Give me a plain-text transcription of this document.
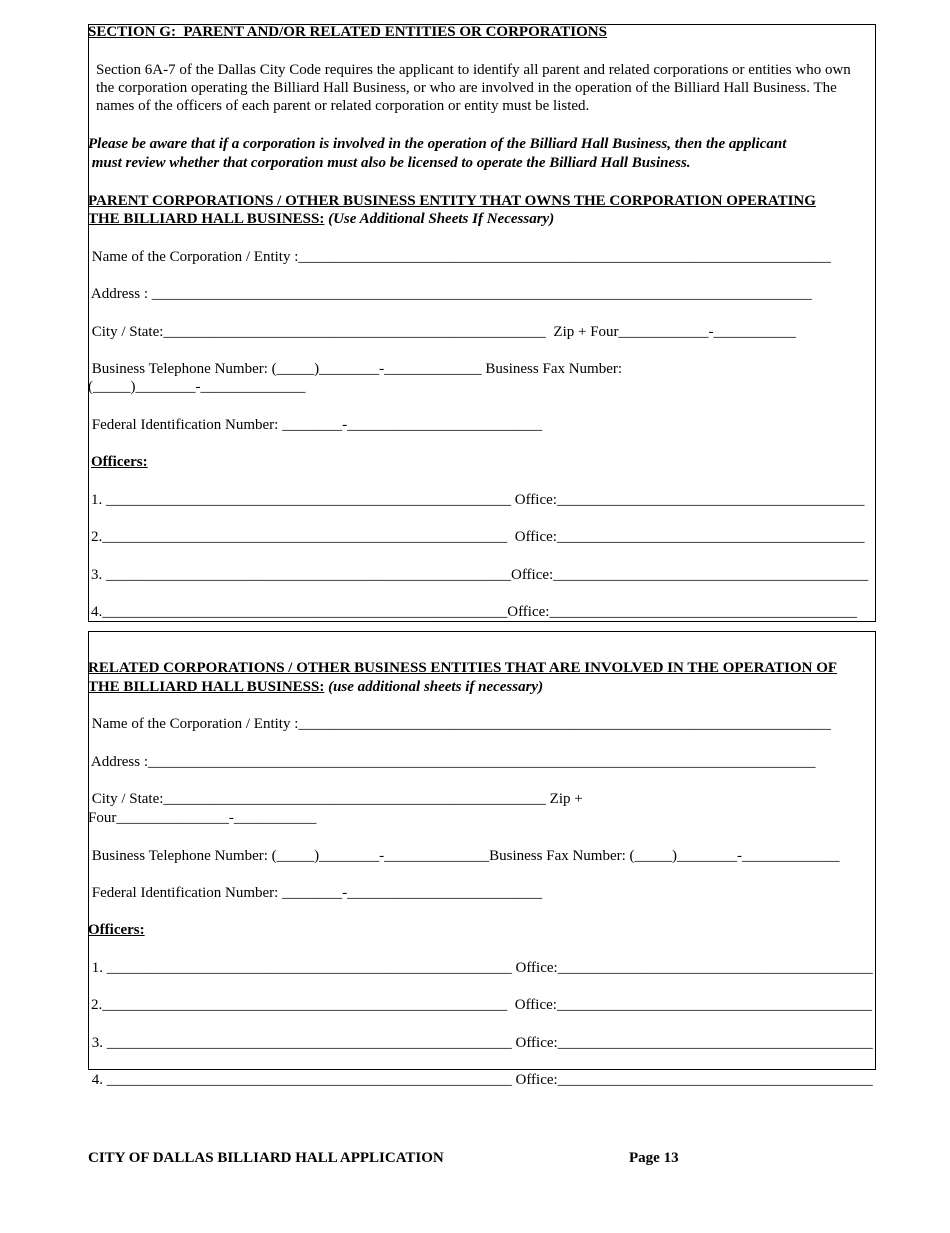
SECTION G:  PARENT AND/OR RELATED ENTITIES OR CORPORATIONS
Section 6A-7 of the Dallas City Code requires the applicant to identify all parent and related corporations or entities who own the corporation operating the Billiard Hall Business, or who are involved in the operation of the Billiard Hall Business. The names of the officers of each parent or related corporation or entity must be listed.
Please be aware that if a corporation is involved in the operation of the Billiard Hall Business, then the applicant
must review whether that corporation must also be licensed to operate the Billiard Hall Business.
PARENT CORPORATIONS / OTHER BUSINESS ENTITY THAT OWNS THE CORPORATION OPERATING
THE BILLIARD HALL BUSINESS: (Use Additional Sheets If Necessary)
Name of the Corporation / Entity :_______________________________________________________________________
Address : ________________________________________________________________________________________
City / State:___________________________________________________  Zip + Four____________-___________
Business Telephone Number: (_____)________-_____________ Business Fax Number:
(_____)________-______________
Federal Identification Number: ________-__________________________
Officers:
1. ______________________________________________________ Office:_________________________________________
2.______________________________________________________  Office:_________________________________________
3. ______________________________________________________Office:__________________________________________
4.______________________________________________________Office:_________________________________________
RELATED CORPORATIONS / OTHER BUSINESS ENTITIES THAT ARE INVOLVED IN THE OPERATION OF
THE BILLIARD HALL BUSINESS: (use additional sheets if necessary)
Name of the Corporation / Entity :_______________________________________________________________________
Address :_________________________________________________________________________________________
City / State:___________________________________________________ Zip +
Four_______________-___________
Business Telephone Number: (_____)________-______________Business Fax Number: (_____)________-_____________
Federal Identification Number: ________-__________________________
Officers:
1. ______________________________________________________ Office:__________________________________________
2.______________________________________________________  Office:__________________________________________
3. ______________________________________________________ Office:__________________________________________
4. ______________________________________________________ Office:__________________________________________
CITY OF DALLAS BILLIARD HALL APPLICATION	Page 13
